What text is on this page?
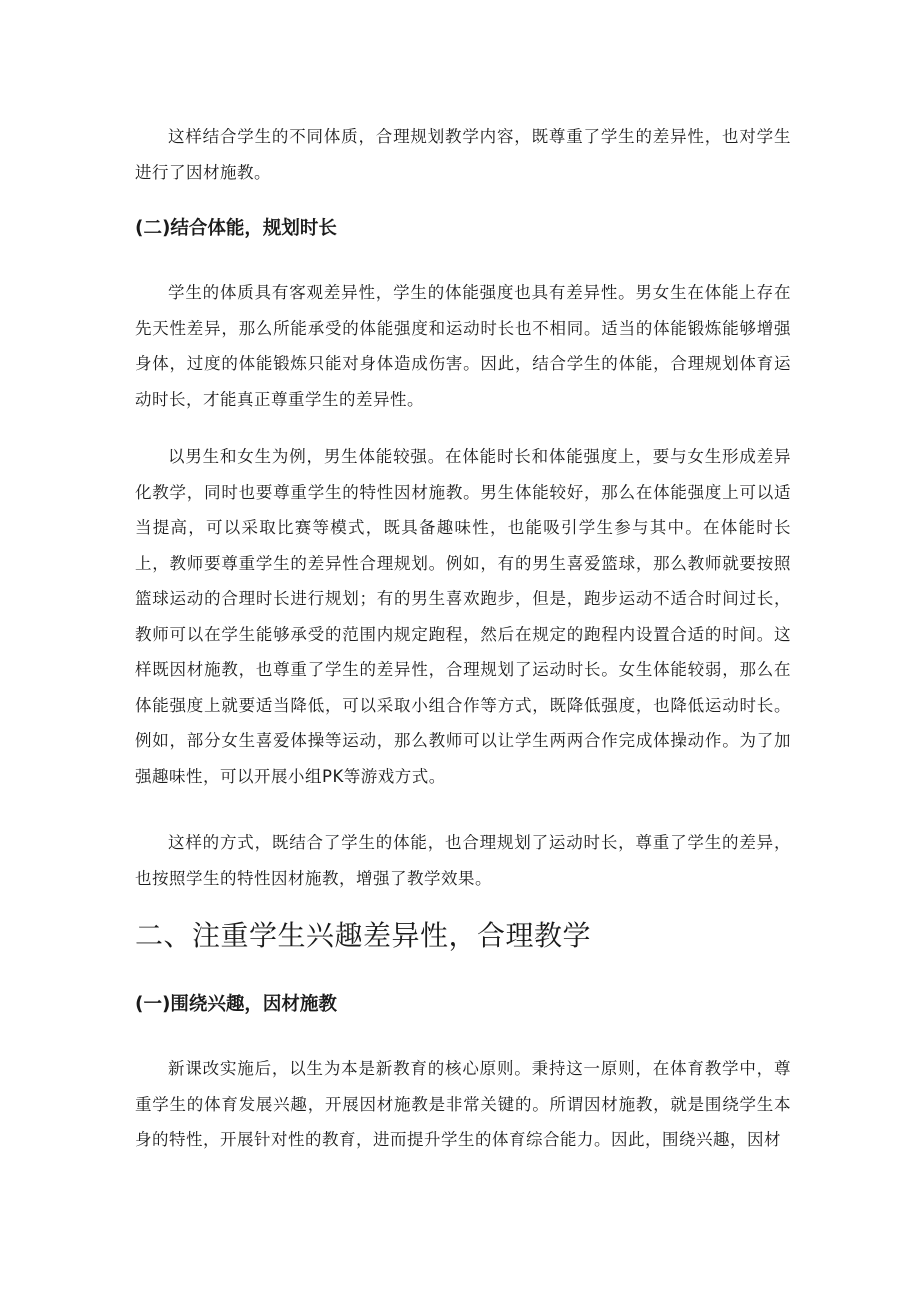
这样结合学生的不同体质，合理规划教学内容，既尊重了学生的差异性，也对学生进行了因材施教。

(二)结合体能，规划时长

学生的体质具有客观差异性，学生的体能强度也具有差异性。男女生在体能上存在先天性差异，那么所能承受的体能强度和运动时长也不相同。适当的体能锻炼能够增强身体，过度的体能锻炼只能对身体造成伤害。因此，结合学生的体能，合理规划体育运动时长，才能真正尊重学生的差异性。

以男生和女生为例，男生体能较强。在体能时长和体能强度上，要与女生形成差异化教学，同时也要尊重学生的特性因材施教。男生体能较好，那么在体能强度上可以适当提高，可以采取比赛等模式，既具备趣味性，也能吸引学生参与其中。在体能时长上，教师要尊重学生的差异性合理规划。例如，有的男生喜爱篮球，那么教师就要按照篮球运动的合理时长进行规划；有的男生喜欢跑步，但是，跑步运动不适合时间过长，教师可以在学生能够承受的范围内规定跑程，然后在规定的跑程内设置合适的时间。这样既因材施教，也尊重了学生的差异性，合理规划了运动时长。女生体能较弱，那么在体能强度上就要适当降低，可以采取小组合作等方式，既降低强度，也降低运动时长。例如，部分女生喜爱体操等运动，那么教师可以让学生两两合作完成体操动作。为了加强趣味性，可以开展小组PK等游戏方式。

这样的方式，既结合了学生的体能，也合理规划了运动时长，尊重了学生的差异，也按照学生的特性因材施教，增强了教学效果。

二、注重学生兴趣差异性，合理教学
(一)围绕兴趣，因材施教

新课改实施后，以生为本是新教育的核心原则。秉持这一原则，在体育教学中，尊重学生的体育发展兴趣，开展因材施教是非常关键的。所谓因材施教，就是围绕学生本身的特性，开展针对性的教育，进而提升学生的体育综合能力。因此，围绕兴趣，因材
